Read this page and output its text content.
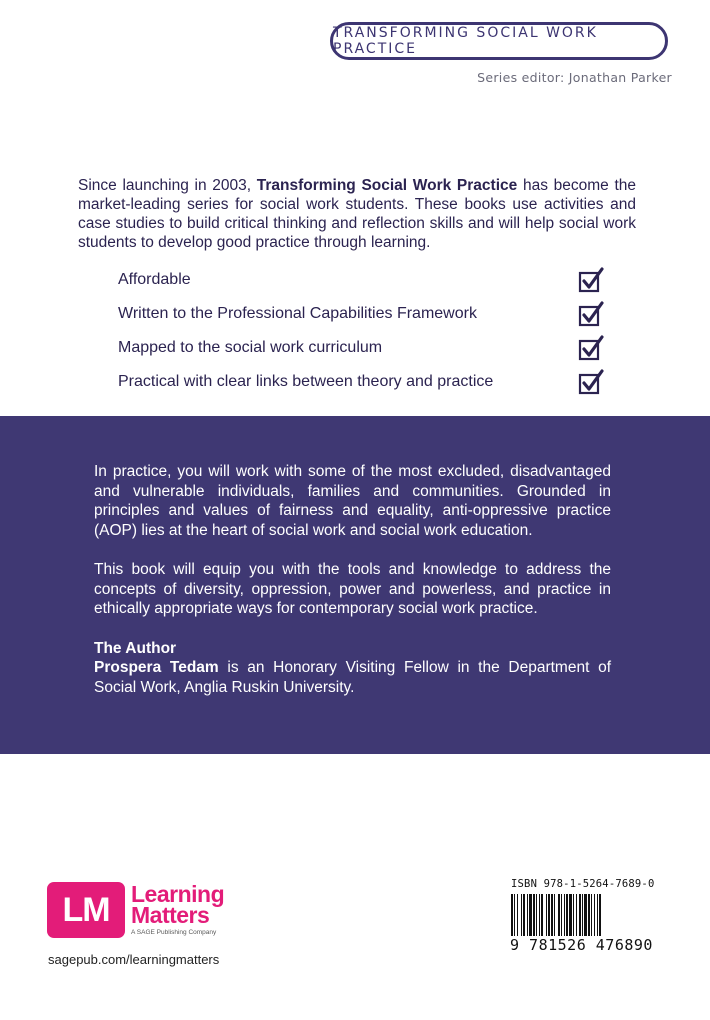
TRANSFORMING SOCIAL WORK PRACTICE
Series editor: Jonathan Parker
Since launching in 2003, Transforming Social Work Practice has become the market-leading series for social work students. These books use activities and case studies to build critical thinking and reflection skills and will help social work students to develop good practice through learning.
Affordable
Written to the Professional Capabilities Framework
Mapped to the social work curriculum
Practical with clear links between theory and practice

In practice, you will work with some of the most excluded, disadvantaged and vulnerable individuals, families and communities. Grounded in principles and values of fairness and equality, anti-oppressive practice (AOP) lies at the heart of social work and social work education.

This book will equip you with the tools and knowledge to address the concepts of diversity, oppression, power and powerless, and practice in ethically appropriate ways for contemporary social work practice.

The Author
Prospera Tedam is an Honorary Visiting Fellow in the Department of Social Work, Anglia Ruskin University.

LM Learning
Matters
A SAGE Publishing Company
sagepub.com/learningmatters
ISBN 978-1-5264-7689-0
9 781526 476890
